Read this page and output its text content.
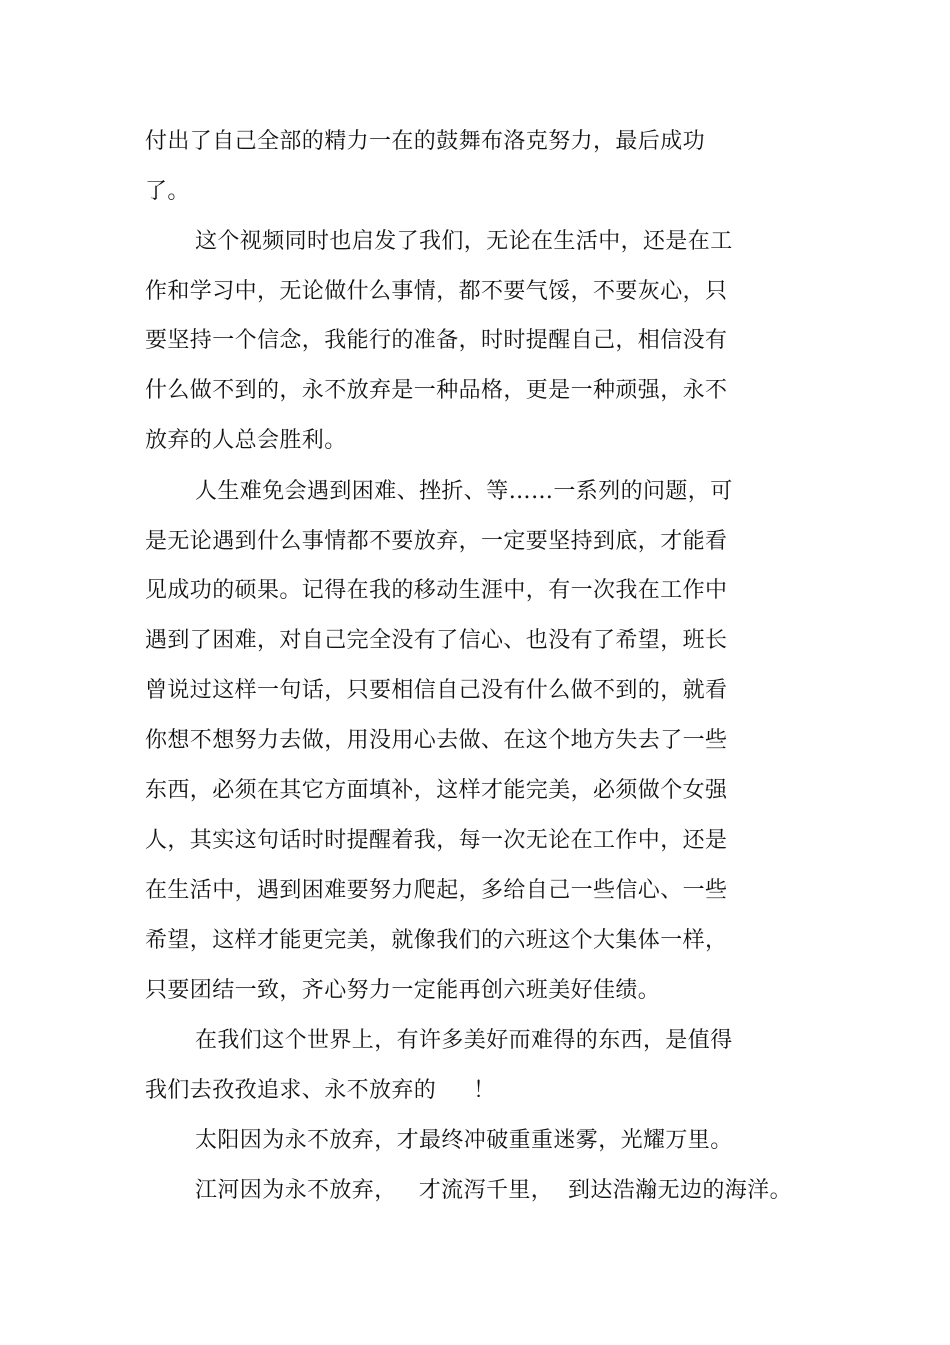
付出了自己全部的精力一在的鼓舞布洛克努力，最后成功
了。
这个视频同时也启发了我们，无论在生活中，还是在工
作和学习中，无论做什么事情，都不要气馁，不要灰心，只
要坚持一个信念，我能行的准备，时时提醒自己，相信没有
什么做不到的，永不放弃是一种品格，更是一种顽强，永不
放弃的人总会胜利。
人生难免会遇到困难、挫折、等……一系列的问题，可
是无论遇到什么事情都不要放弃，一定要坚持到底，才能看
见成功的硕果。记得在我的移动生涯中，有一次我在工作中
遇到了困难，对自己完全没有了信心、也没有了希望，班长
曾说过这样一句话，只要相信自己没有什么做不到的，就看
你想不想努力去做，用没用心去做、在这个地方失去了一些
东西，必须在其它方面填补，这样才能完美，必须做个女强
人，其实这句话时时提醒着我，每一次无论在工作中，还是
在生活中，遇到困难要努力爬起，多给自己一些信心、一些
希望，这样才能更完美，就像我们的六班这个大集体一样，
只要团结一致，齐心努力一定能再创六班美好佳绩。
在我们这个世界上，有许多美好而难得的东西，是值得
我们去孜孜追求、永不放弃的     ！
太阳因为永不放弃，才最终冲破重重迷雾，光耀万里。
江河因为永不放弃，   才流泻千里，  到达浩瀚无边的海洋。
